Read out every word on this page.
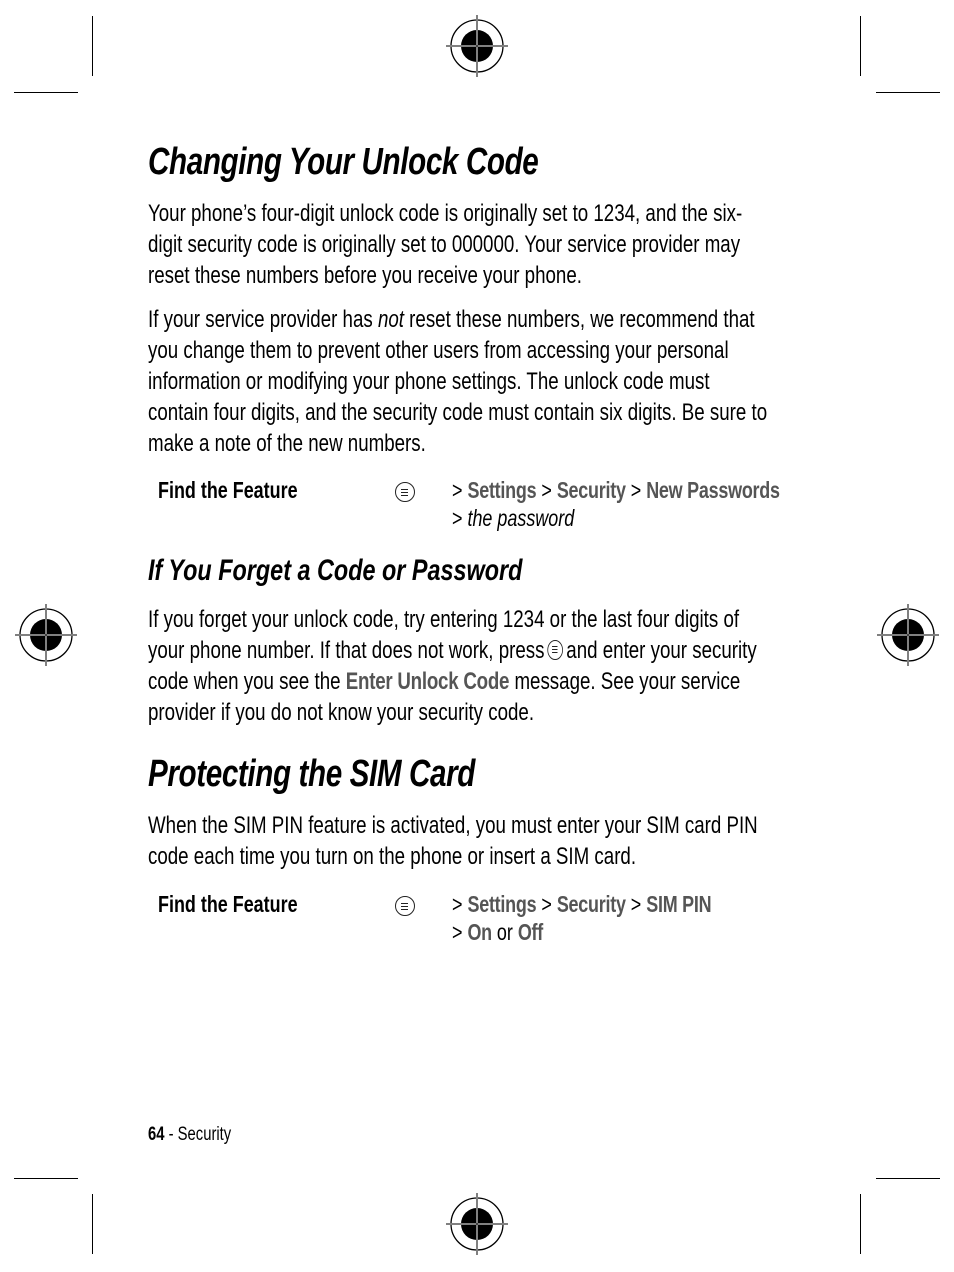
Changing Your Unlock Code

Your phone’s four-digit unlock code is originally set to 1234, and the six-digit security code is originally set to 000000. Your service provider may reset these numbers before you receive your phone.

If your service provider has not reset these numbers, we recommend that you change them to prevent other users from accessing your personal information or modifying your phone settings. The unlock code must contain four digits, and the security code must contain six digits. Be sure to make a note of the new numbers.

Find the Feature	> Settings > Security > New Passwords
> the password
If You Forget a Code or Password

If you forget your unlock code, try entering 1234 or the last four digits of your phone number. If that does not work, press and enter your security code when you see the Enter Unlock Code message. See your service provider if you do not know your security code.

Protecting the SIM Card

When the SIM PIN feature is activated, you must enter your SIM card PIN code each time you turn on the phone or insert a SIM card.

Find the Feature	> Settings > Security > SIM PIN
> On or Off
64 - Security
